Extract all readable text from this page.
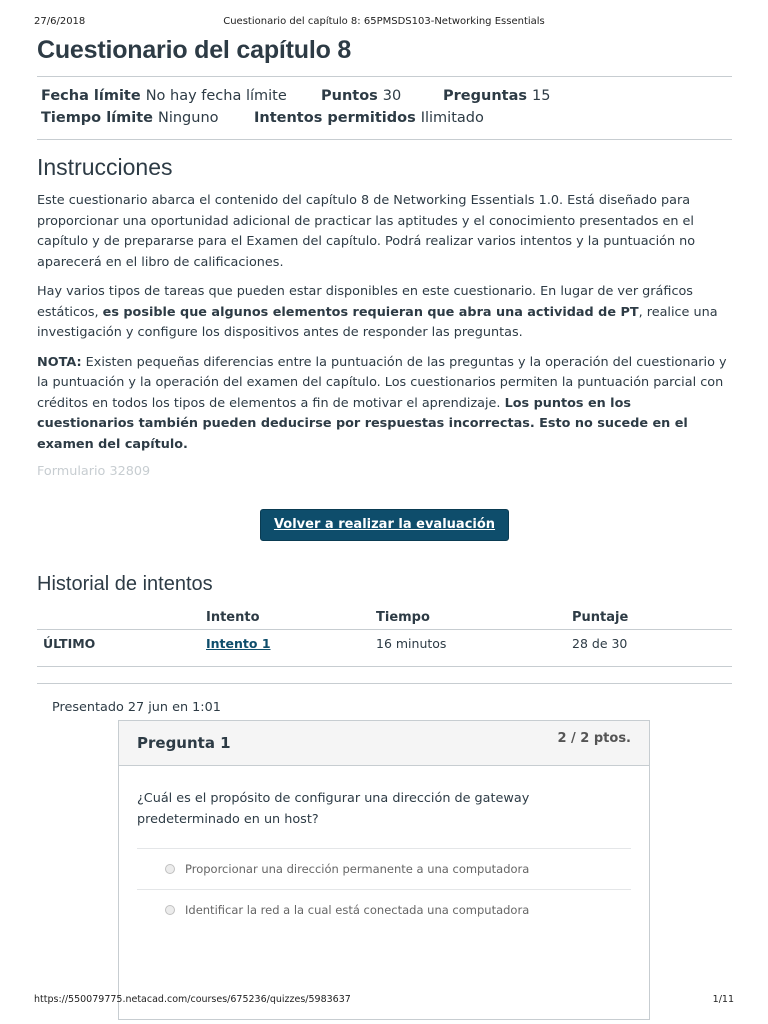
27/6/2018	Cuestionario del capítulo 8: 65PMSDS103-Networking Essentials
Cuestionario del capítulo 8
Fecha límite No hay fecha límite	Puntos 30	Preguntas 15
Tiempo límite Ninguno	Intentos permitidos Ilimitado
Instrucciones

Este cuestionario abarca el contenido del capítulo 8 de Networking Essentials 1.0. Está diseñado para proporcionar una oportunidad adicional de practicar las aptitudes y el conocimiento presentados en el capítulo y de prepararse para el Examen del capítulo. Podrá realizar varios intentos y la puntuación no aparecerá en el libro de calificaciones.

Hay varios tipos de tareas que pueden estar disponibles en este cuestionario. En lugar de ver gráficos estáticos, es posible que algunos elementos requieran que abra una actividad de PT, realice una investigación y configure los dispositivos antes de responder las preguntas.

NOTA: Existen pequeñas diferencias entre la puntuación de las preguntas y la operación del cuestionario y la puntuación y la operación del examen del capítulo. Los cuestionarios permiten la puntuación parcial con créditos en todos los tipos de elementos a fin de motivar el aprendizaje. Los puntos en los cuestionarios también pueden deducirse por respuestas incorrectas. Esto no sucede en el examen del capítulo.

Formulario 32809
Volver a realizar la evaluación
Historial de intentos
	Intento	Tiempo	Puntaje
ÚLTIMO	Intento 1	16 minutos	28 de 30
Presentado 27 jun en 1:01
Pregunta 1	2 / 2 ptos.
¿Cuál es el propósito de configurar una dirección de gateway predeterminado en un host?
Proporcionar una dirección permanente a una computadora
Identificar la red a la cual está conectada una computadora
https://550079775.netacad.com/courses/675236/quizzes/5983637	1/11
